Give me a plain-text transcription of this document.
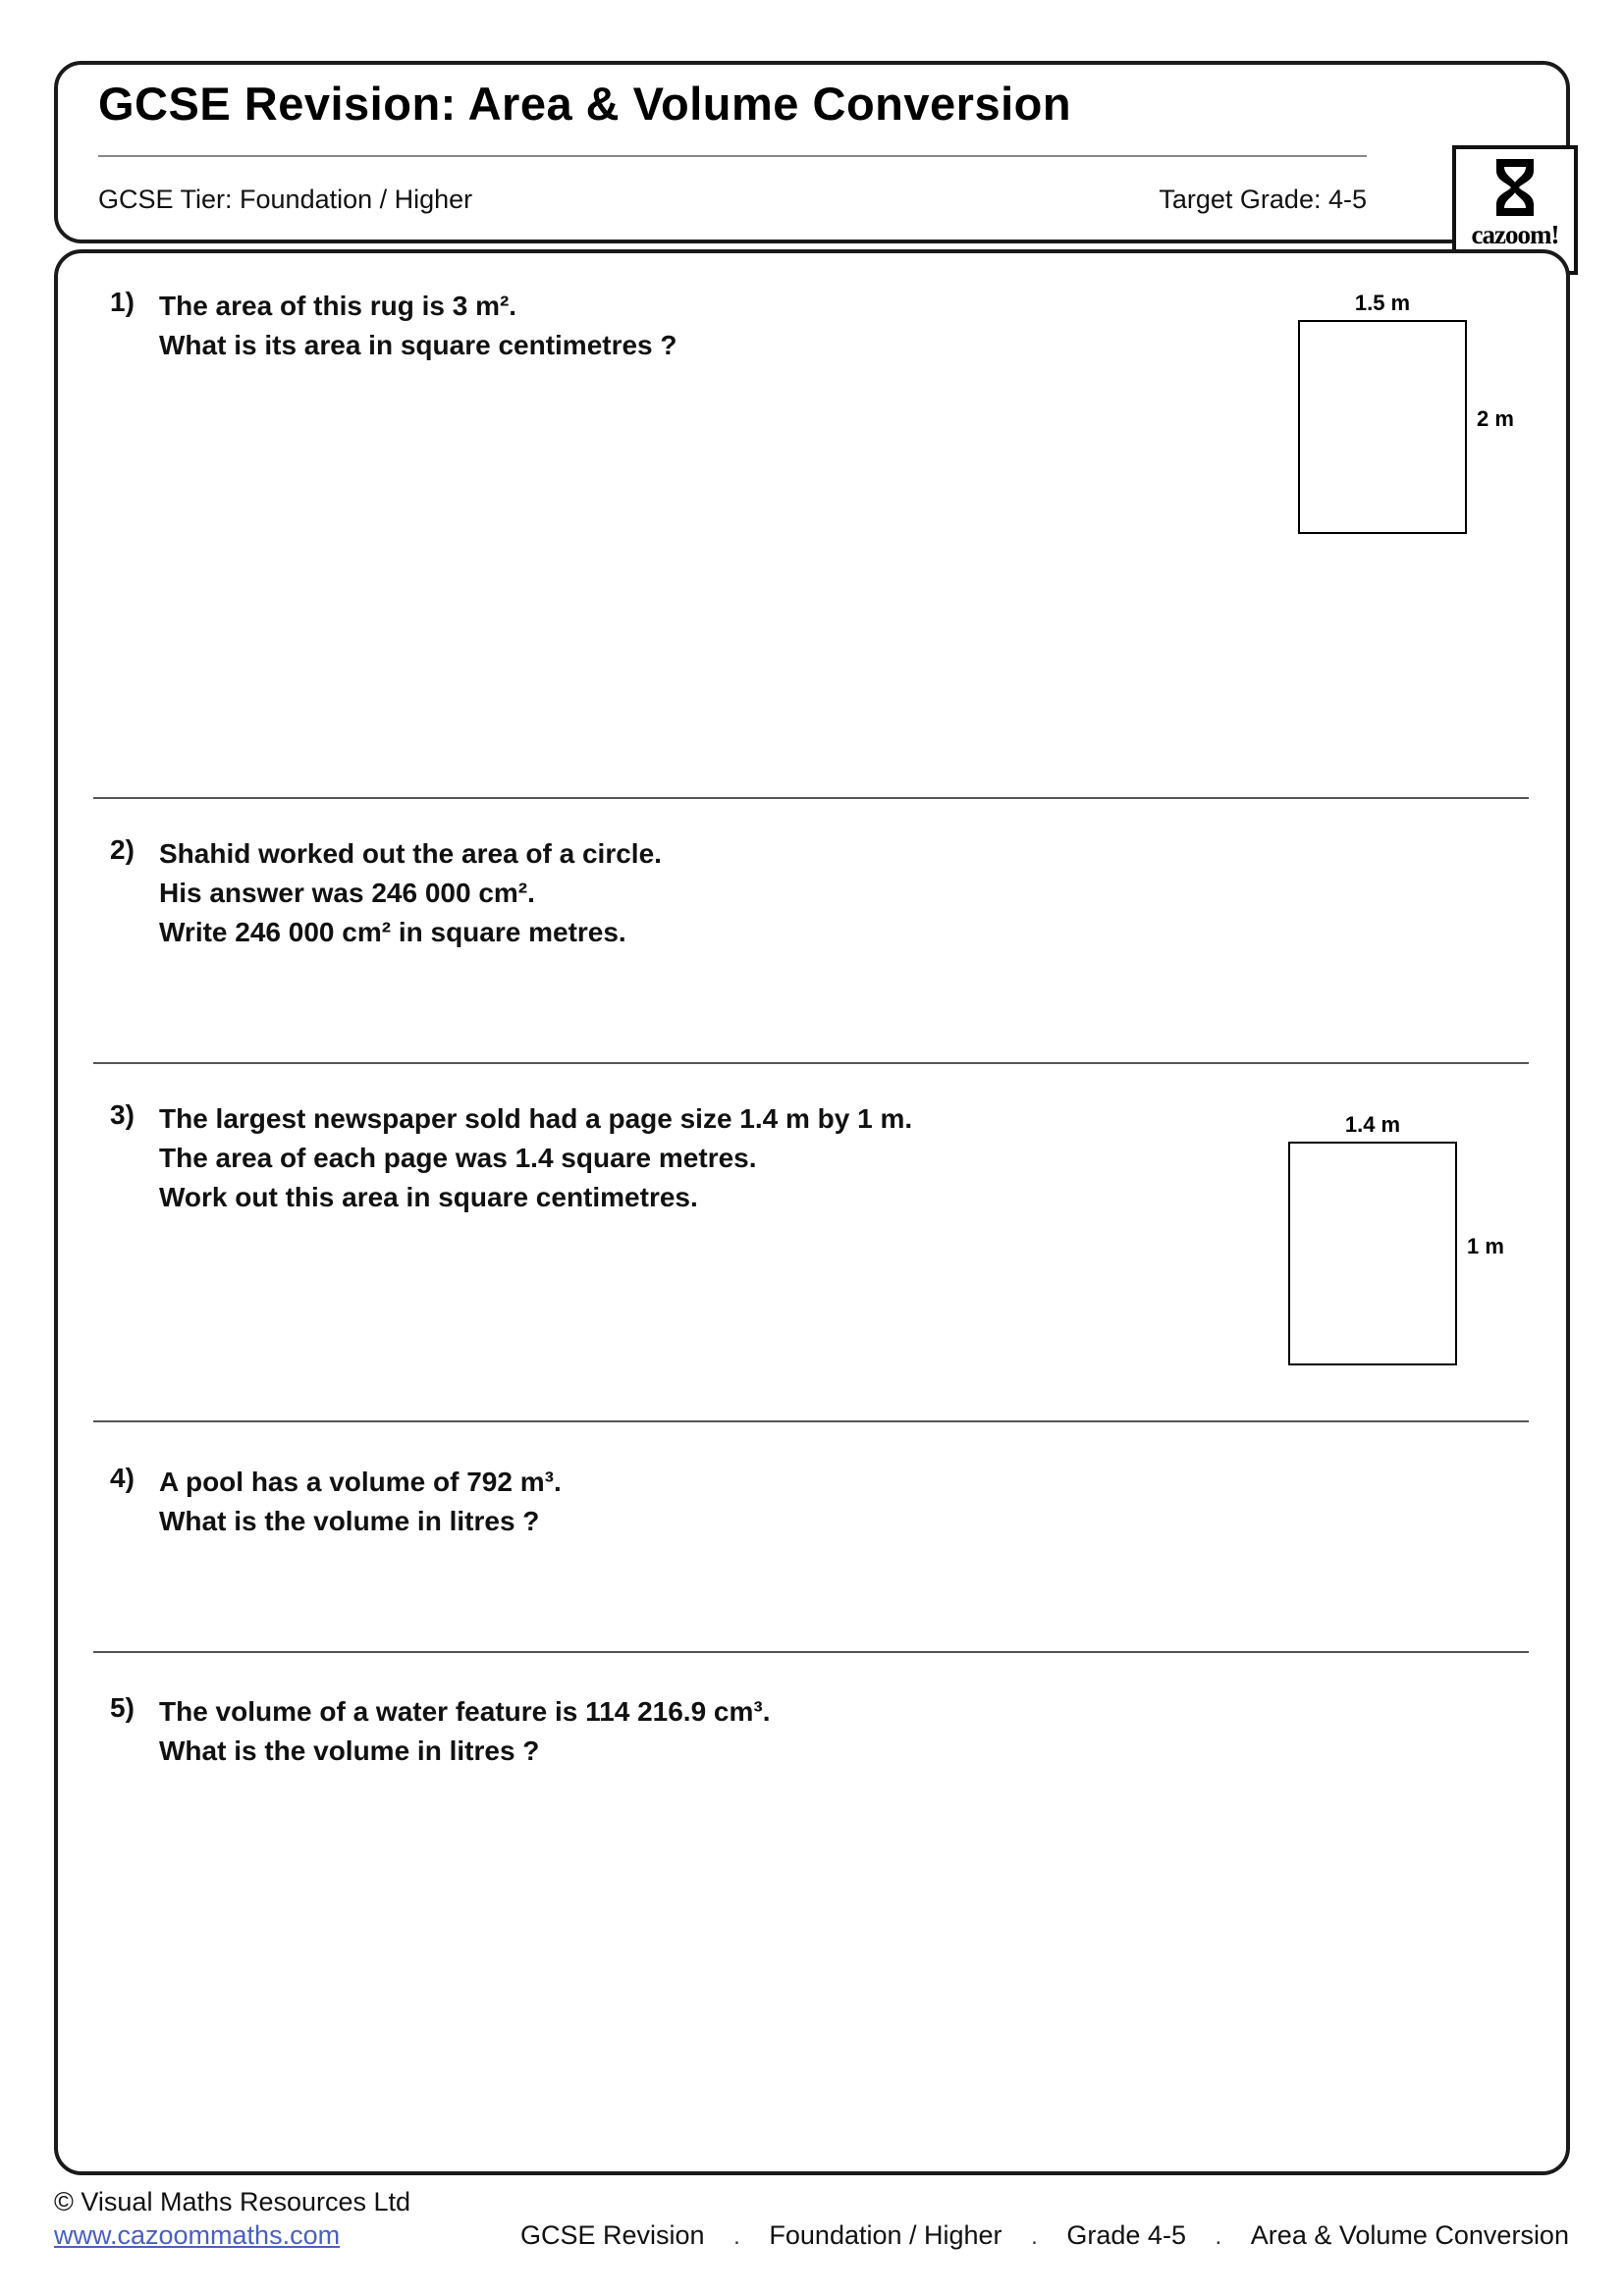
cazoom!
GCSE Revision: Area & Volume Conversion
GCSE Tier: Foundation / Higher	Target Grade: 4-5
1) The area of this rug is 3 m².
What is its area in square centimetres ?
1.5 m
2 m
2) Shahid worked out the area of a circle.
His answer was 246 000 cm².
Write 246 000 cm² in square metres.
3) The largest newspaper sold had a page size 1.4 m by 1 m.
The area of each page was 1.4 square metres.
Work out this area in square centimetres.
1.4 m
1 m
4) A pool has a volume of 792 m³.
What is the volume in litres ?
5) The volume of a water feature is 114 216.9 cm³.
What is the volume in litres ?
© Visual Maths Resources Ltd
www.cazoommaths.com	GCSE Revision . Foundation / Higher . Grade 4-5 . Area & Volume Conversion
